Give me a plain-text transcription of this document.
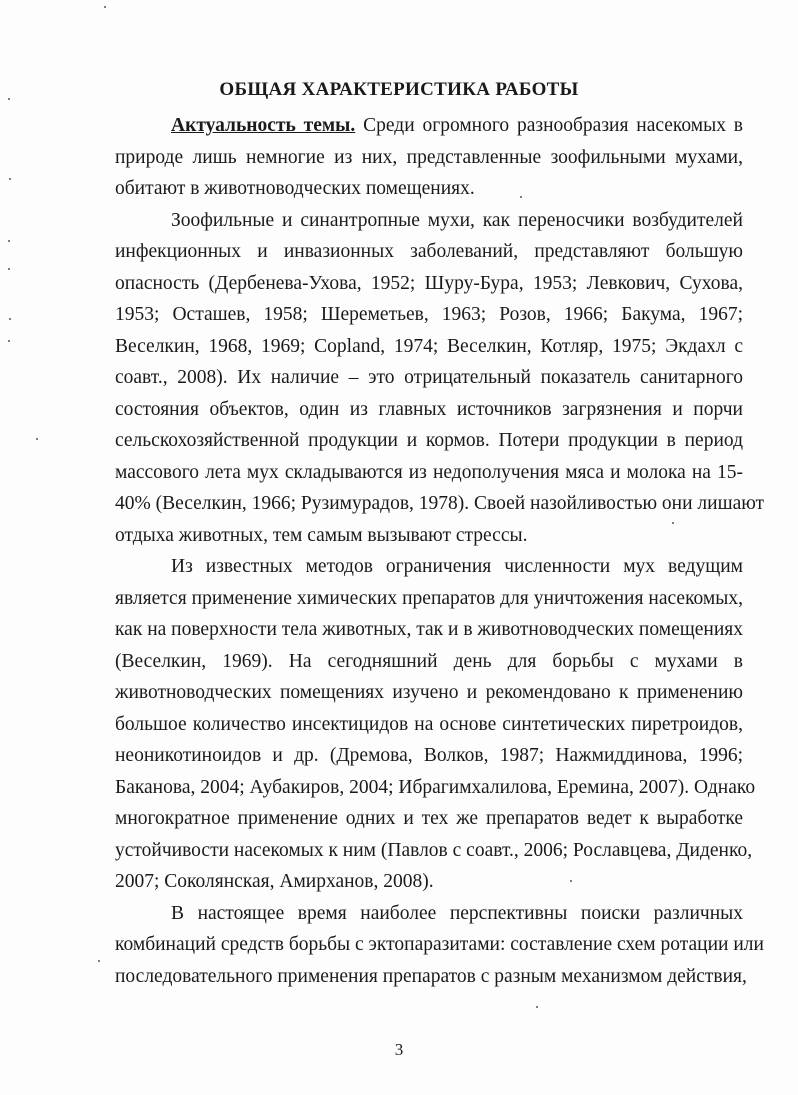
ОБЩАЯ ХАРАКТЕРИСТИКА РАБОТЫ
Актуальность темы. Среди огромного разнообразия насекомых в
природе лишь немногие из них, представленные зоофильными мухами,
обитают в животноводческих помещениях.
Зоофильные и синантропные мухи, как переносчики возбудителей
инфекционных и инвазионных заболеваний, представляют большую
опасность (Дербенева-Ухова, 1952; Шуру-Бура, 1953; Левкович, Сухова,
1953; Осташев, 1958; Шереметьев, 1963; Розов, 1966; Бакума, 1967;
Веселкин, 1968, 1969; Copland, 1974; Веселкин, Котляр, 1975; Экдахл с
соавт., 2008). Их наличие – это отрицательный показатель санитарного
состояния объектов, один из главных источников загрязнения и порчи
сельскохозяйственной продукции и кормов. Потери продукции в период
массового лета мух складываются из недополучения мяса и молока на 15-
40% (Веселкин, 1966; Рузимурадов, 1978). Своей назойливостью они лишают
отдыха животных, тем самым вызывают стрессы.
Из известных методов ограничения численности мух ведущим
является применение химических препаратов для уничтожения насекомых,
как на поверхности тела животных, так и в животноводческих помещениях
(Веселкин, 1969). На сегодняшний день для борьбы с мухами в
животноводческих помещениях изучено и рекомендовано к применению
большое количество инсектицидов на основе синтетических пиретроидов,
неоникотиноидов и др. (Дремова, Волков, 1987; Нажмиддинова, 1996;
Баканова, 2004; Аубакиров, 2004; Ибрагимхалилова, Еремина, 2007). Однако
многократное применение одних и тех же препаратов ведет к выработке
устойчивости насекомых к ним (Павлов с соавт., 2006; Рославцева, Диденко,
2007; Соколянская, Амирханов, 2008).
В настоящее время наиболее перспективны поиски различных
комбинаций средств борьбы с эктопаразитами: составление схем ротации или
последовательного применения препаратов с разным механизмом действия,
3
